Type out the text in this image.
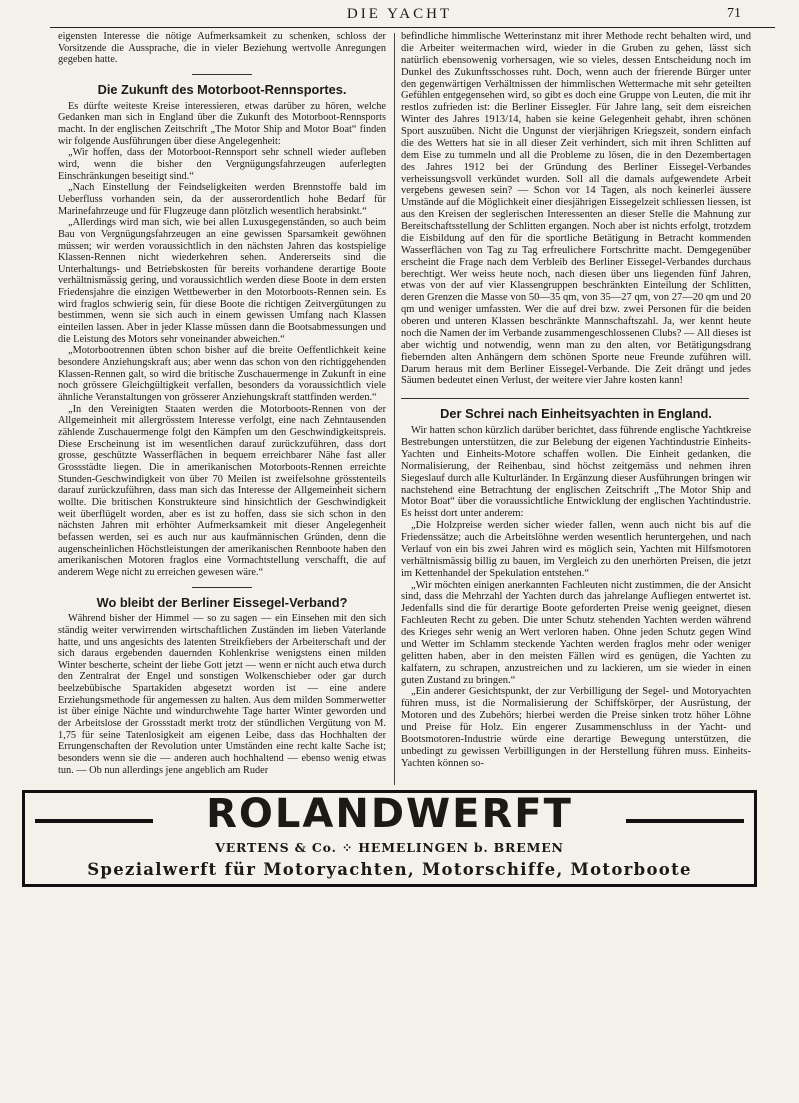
DIE YACHT	71

eigensten Interesse die nötige Aufmerksamkeit zu schenken, schloss der Vorsitzende die Aussprache, die in vieler Beziehung wertvolle Anregungen gegeben hatte.

Die Zukunft des Motorboot-Rennsportes.

Es dürfte weiteste Kreise interessieren, etwas darüber zu hören, welche Gedanken man sich in England über die Zukunft des Motorboot-Rennsports macht. In der englischen Zeitschrift „The Motor Ship and Motor Boat“ finden wir folgende Ausführungen über diese Angelegenheit:

„Wir hoffen, dass der Motorboot-Rennsport sehr schnell wieder aufleben wird, wenn die bisher den Vergnügungsfahrzeugen auferlegten Einschränkungen beseitigt sind.“

„Nach Einstellung der Feindseligkeiten werden Brennstoffe bald im Ueberfluss vorhanden sein, da der ausserordentlich hohe Bedarf für Marinefahrzeuge und für Flugzeuge dann plötzlich wesentlich herabsinkt.“

„Allerdings wird man sich, wie bei allen Luxusgegenständen, so auch beim Bau von Vergnügungsfahrzeugen an eine gewissen Sparsamkeit gewöhnen müssen; wir werden voraussichtlich in den nächsten Jahren das kostspielige Klassen-Rennen nicht wiederkehren sehen. Andererseits sind die Unterhaltungs- und Betriebskosten für bereits vorhandene derartige Boote verhältnismässig gering, und voraussichtlich werden diese Boote in dem ersten Friedensjahre die einzigen Wettbewerber in den Motorboots-Rennen sein. Es wird fraglos schwierig sein, für diese Boote die richtigen Zeitvergütungen zu bestimmen, wenn sie sich auch in einem gewissen Umfang nach Klassen einteilen lassen. Aber in jeder Klasse müssen dann die Bootsabmessungen und die Leistung des Motors sehr voneinander abweichen.“

„Motorbootrennen übten schon bisher auf die breite Oeffentlichkeit keine besondere Anziehungskraft aus; aber wenn das schon von den richtiggehenden Klassen-Rennen galt, so wird die britische Zuschauermenge in Zukunft in eine noch grössere Gleichgültigkeit verfallen, besonders da voraussichtlich viele ähnliche Veranstaltungen von grösserer Anziehungskraft stattfinden werden.“

„In den Vereinigten Staaten werden die Motorboots-Rennen von der Allgemeinheit mit allergrösstem Interesse verfolgt, eine nach Zehntausenden zählende Zuschauermenge folgt den Kämpfen um den Geschwindigkeitspreis. Diese Erscheinung ist im wesentlichen darauf zurückzuführen, dass dort grosse, geschützte Wasserflächen in bequem erreichbarer Nähe fast aller Grossstädte liegen. Die in amerikanischen Motorboots-Rennen erreichte Stunden-Geschwindigkeit von über 70 Meilen ist zweifelsohne grösstenteils darauf zurückzuführen, dass man sich das Interesse der Allgemeinheit sichern wollte. Die britischen Konstrukteure sind hinsichtlich der Geschwindigkeit weit überflügelt worden, aber es ist zu hoffen, dass sie sich schon in den nächsten Jahren mit erhöhter Aufmerksamkeit mit dieser Angelegenheit befassen werden, sei es auch nur aus kaufmännischen Gründen, denn die augenscheinlichen Höchstleistungen der amerikanischen Rennboote haben den amerikanischen Motoren fraglos eine Vormachtstellung verschafft, die auf anderem Wege nicht zu erreichen gewesen wäre.“

Wo bleibt der Berliner Eissegel-Verband?

Während bisher der Himmel — so zu sagen — ein Einsehen mit den sich ständig weiter verwirrenden wirtschaftlichen Zuständen im lieben Vaterlande hatte, und uns angesichts des latenten Streikfiebers der Arbeiterschaft und der sich daraus ergebenden dauernden Kohlenkrise wenigstens einen milden Winter bescherte, scheint der liebe Gott jetzt — wenn er nicht auch etwa durch den Zentralrat der Engel und sonstigen Wolkenschieber oder gar durch beelzebübische Spartakiden abgesetzt worden ist — eine andere Erziehungsmethode für angemessen zu halten. Aus dem milden Sommerwetter ist über einige Nächte und windurchwehte Tage harter Winter geworden und der Arbeitslose der Grossstadt merkt trotz der stündlichen Vergütung von M. 1,75 für seine Tatenlosigkeit am eigenen Leibe, dass das Hochhalten der Errungenschaften der Revolution unter Umständen eine recht kalte Sache ist; besonders wenn sie die — anderen auch hochhaltend — ebenso wenig etwas tun. — Ob nun allerdings jene angeblich am Ruder

befindliche himmlische Wetterinstanz mit ihrer Methode recht behalten wird, und die Arbeiter weitermachen wird, wieder in die Gruben zu gehen, lässt sich natürlich ebensowenig vorhersagen, wie so vieles, dessen Entscheidung noch im Dunkel des Zukunftsschosses ruht. Doch, wenn auch der frierende Bürger unter den gegenwärtigen Verhältnissen der himmlischen Wettermache mit sehr geteilten Gefühlen entgegensehen wird, so gibt es doch eine Gruppe von Leuten, die mit ihr restlos zufrieden ist: die Berliner Eissegler. Für Jahre lang, seit dem eisreichen Winter des Jahres 1913/14, haben sie keine Gelegenheit gehabt, ihren schönen Sport auszuüben. Nicht die Ungunst der vierjährigen Kriegszeit, sondern einfach die des Wetters hat sie in all dieser Zeit verhindert, sich mit ihren Schlitten auf dem Eise zu tummeln und all die Probleme zu lösen, die in den Dezembertagen des Jahres 1912 bei der Gründung des Berliner Eissegel-Verbandes verheissungsvoll verkündet wurden. Soll all die damals aufgewendete Arbeit vergebens gewesen sein? — Schon vor 14 Tagen, als noch keinerlei äussere Umstände auf die Möglichkeit einer diesjährigen Eissegelzeit schliessen liessen, ist aus den Kreisen der seglerischen Interessenten an dieser Stelle die Mahnung zur Bereitschaftsstellung der Schlitten ergangen. Noch aber ist nichts erfolgt, trotzdem die Eisbildung auf den für die sportliche Betätigung in Betracht kommenden Wasserflächen von Tag zu Tag erfreulichere Fortschritte macht. Demgegenüber erscheint die Frage nach dem Verbleib des Berliner Eissegel-Verbandes durchaus berechtigt. Wer weiss heute noch, nach diesen über uns liegenden fünf Jahren, etwas von der auf vier Klassengruppen beschränkten Einteilung der Schlitten, deren Grenzen die Masse von 50—35 qm, von 35—27 qm, von 27—20 qm und 20 qm und weniger umfassten. Wer die auf drei bzw. zwei Personen für die beiden oberen und unteren Klassen beschränkte Mannschaftszahl. Ja, wer kennt heute noch die Namen der im Verbande zusammengeschlossenen Clubs? — All dieses ist aber wichtig und notwendig, wenn man zu den alten, vor Betätigungsdrang fiebernden alten Anhängern dem schönen Sporte neue Freunde zuführen will. Darum heraus mit dem Berliner Eissegel-Verbande. Die Zeit drängt und jedes Säumen bedeutet einen Verlust, der weitere vier Jahre kosten kann!

Der Schrei nach Einheitsyachten in England.

Wir hatten schon kürzlich darüber berichtet, dass führende englische Yachtkreise Bestrebungen unterstützen, die zur Belebung der eigenen Yachtindustrie Einheits-Yachten und Einheits-Motore schaffen wollen. Die Einheit gedanken, die Normalisierung, der Reihenbau, sind höchst zeitgemäss und nehmen ihren Siegeslauf durch alle Kulturländer. In Ergänzung dieser Ausführungen bringen wir nachstehend eine Betrachtung der englischen Zeitschrift „The Motor Ship and Motor Boat“ über die voraussichtliche Entwicklung der englischen Yachtindustrie. Es heisst dort unter anderem:

„Die Holzpreise werden sicher wieder fallen, wenn auch nicht bis auf die Friedenssätze; auch die Arbeitslöhne werden wesentlich heruntergehen, und nach Verlauf von ein bis zwei Jahren wird es möglich sein, Yachten mit Hilfsmotoren verhältnismässig billig zu bauen, im Vergleich zu den unerhörten Preisen, die jetzt im Kettenhandel der Spekulation entstehen.“

„Wir möchten einigen anerkannten Fachleuten nicht zustimmen, die der Ansicht sind, dass die Mehrzahl der Yachten durch das jahrelange Aufliegen entwertet ist. Jedenfalls sind die für derartige Boote geforderten Preise wenig geeignet, diesen Fachleuten Recht zu geben. Die unter Schutz stehenden Yachten werden während des Krieges sehr wenig an Wert verloren haben. Ohne jeden Schutz gegen Wind und Wetter im Schlamm steckende Yachten werden fraglos mehr oder weniger gelitten haben, aber in den meisten Fällen wird es genügen, die Yachten zu kalfatern, zu schrapen, anzustreichen und zu lackieren, um sie wieder in einen guten Zustand zu bringen.“

„Ein anderer Gesichtspunkt, der zur Verbilligung der Segel- und Motoryachten führen muss, ist die Normalisierung der Schiffskörper, der Ausrüstung, der Motoren und des Zubehörs; hierbei werden die Preise sinken trotz höher Löhne und Preise für Holz. Ein engerer Zusammenschluss in der Yacht- und Bootsmotoren-Industrie würde eine derartige Bewegung unterstützen, die unbedingt zu gewissen Verbilligungen in der Herstellung führen muss. Einheits-Yachten können so-

ROLANDWERFT
VERTENS & Co. ⁘ HEMELINGEN b. BREMEN
Spezialwerft für Motoryachten, Motorschiffe, Motorboote
